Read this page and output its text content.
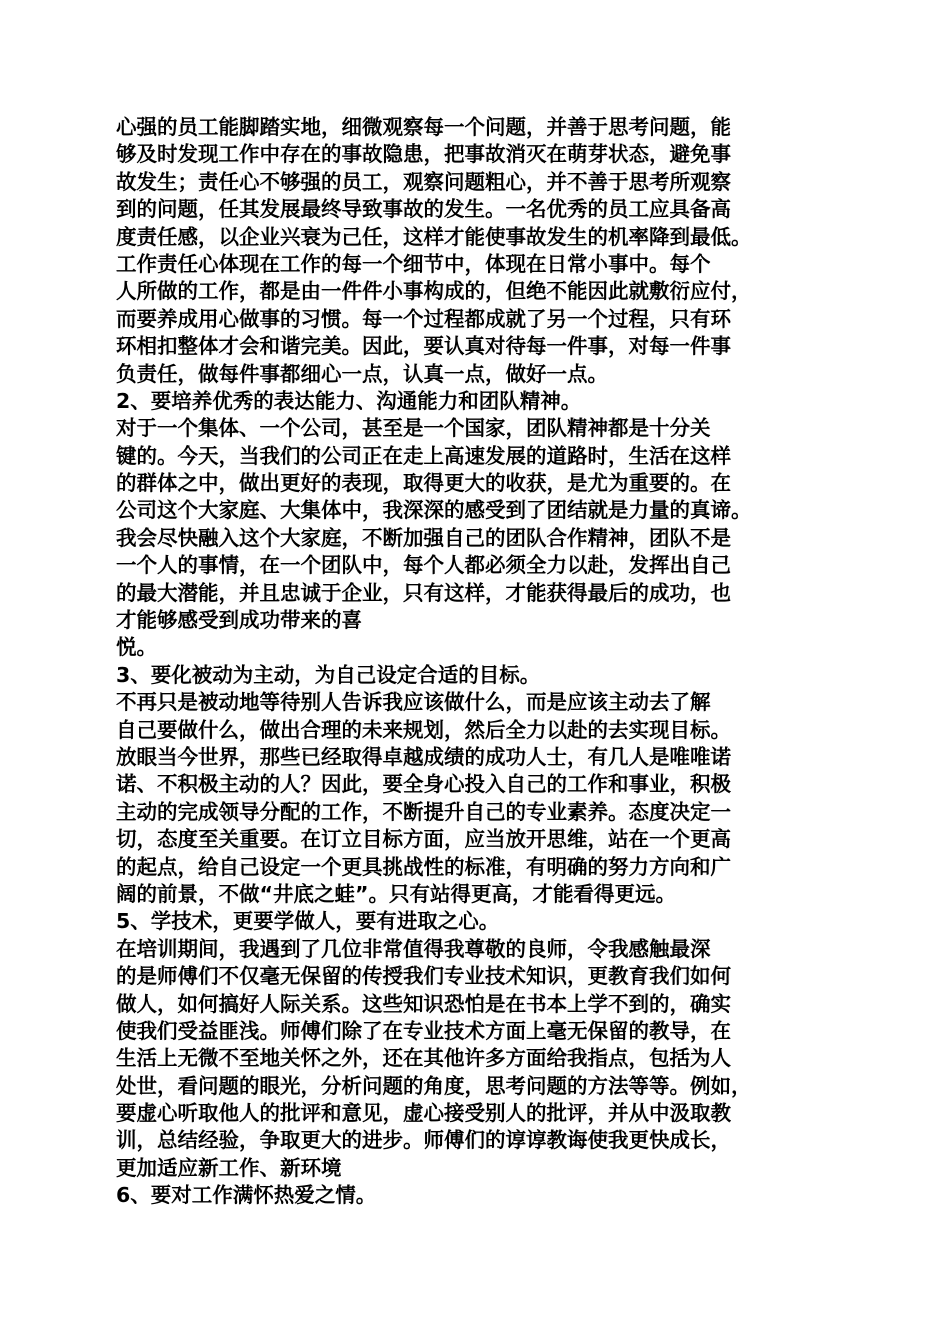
心强的员工能脚踏实地，细微观察每一个问题，并善于思考问题，能
够及时发现工作中存在的事故隐患，把事故消灭在萌芽状态，避免事
故发生；责任心不够强的员工，观察问题粗心，并不善于思考所观察
到的问题，任其发展最终导致事故的发生。一名优秀的员工应具备高
度责任感，以企业兴衰为己任，这样才能使事故发生的机率降到最低。
工作责任心体现在工作的每一个细节中，体现在日常小事中。每个
人所做的工作，都是由一件件小事构成的，但绝不能因此就敷衍应付，
而要养成用心做事的习惯。每一个过程都成就了另一个过程，只有环
环相扣整体才会和谐完美。因此，要认真对待每一件事，对每一件事
负责任，做每件事都细心一点，认真一点，做好一点。
2、要培养优秀的表达能力、沟通能力和团队精神。
对于一个集体、一个公司，甚至是一个国家，团队精神都是十分关
键的。今天，当我们的公司正在走上高速发展的道路时，生活在这样
的群体之中，做出更好的表现，取得更大的收获，是尤为重要的。在
公司这个大家庭、大集体中，我深深的感受到了团结就是力量的真谛。
我会尽快融入这个大家庭，不断加强自己的团队合作精神，团队不是
一个人的事情，在一个团队中，每个人都必须全力以赴，发挥出自己
的最大潜能，并且忠诚于企业，只有这样，才能获得最后的成功，也
才能够感受到成功带来的喜
悦。
3、要化被动为主动，为自己设定合适的目标。
不再只是被动地等待别人告诉我应该做什么，而是应该主动去了解
自己要做什么，做出合理的未来规划，然后全力以赴的去实现目标。
放眼当今世界，那些已经取得卓越成绩的成功人士，有几人是唯唯诺
诺、不积极主动的人？因此，要全身心投入自己的工作和事业，积极
主动的完成领导分配的工作，不断提升自己的专业素养。态度决定一
切，态度至关重要。在订立目标方面，应当放开思维，站在一个更高
的起点，给自己设定一个更具挑战性的标准，有明确的努力方向和广
阔的前景，不做“井底之蛙”。只有站得更高，才能看得更远。
5、学技术，更要学做人，要有进取之心。
在培训期间，我遇到了几位非常值得我尊敬的良师，令我感触最深
的是师傅们不仅毫无保留的传授我们专业技术知识，更教育我们如何
做人，如何搞好人际关系。这些知识恐怕是在书本上学不到的，确实
使我们受益匪浅。师傅们除了在专业技术方面上毫无保留的教导，在
生活上无微不至地关怀之外，还在其他许多方面给我指点，包括为人
处世，看问题的眼光，分析问题的角度，思考问题的方法等等。例如，
要虚心听取他人的批评和意见，虚心接受别人的批评，并从中汲取教
训，总结经验，争取更大的进步。师傅们的谆谆教诲使我更快成长，
更加适应新工作、新环境
6、要对工作满怀热爱之情。
